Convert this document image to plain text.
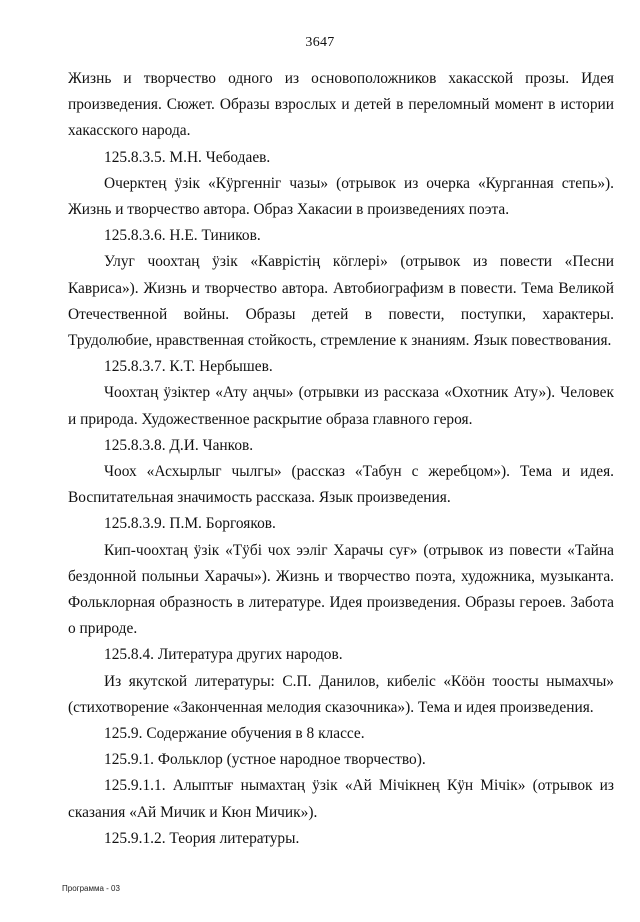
3647

Жизнь и творчество одного из основоположников хакасской прозы. Идея произведения. Сюжет. Образы взрослых и детей в переломный момент в истории хакасского народа.

125.8.3.5. М.Н. Чебодаев.

Очерктең ӱзік «Кӱргеннiг чазы» (отрывок из очерка «Курганная степь»). Жизнь и творчество автора. Образ Хакасии в произведениях поэта.

125.8.3.6. Н.Е. Тиников.

Улуг чоохтаң ӱзiк «Каврiстiң кӧглерi» (отрывок из повести «Песни Кавриса»). Жизнь и творчество автора. Автобиографизм в повести. Тема Великой Отечественной войны. Образы детей в повести, поступки, характеры. Трудолюбие, нравственная стойкость, стремление к знаниям. Язык повествования.

125.8.3.7. К.Т. Нербышев.

Чоохтаң ӱзiктер «Ату аңчы» (отрывки из рассказа «Охотник Ату»). Человек и природа. Художественное раскрытие образа главного героя.

125.8.3.8. Д.И. Чанков.

Чоох «Асхырлыг чылгы» (рассказ «Табун с жеребцом»). Тема и идея. Воспитательная значимость рассказа. Язык произведения.

125.8.3.9. П.М. Боргояков.

Кип-чоохтаң ӱзiк «Тӱбi чох ээлiг Харачы суғ» (отрывок из повести «Тайна бездонной полыньи Харачы»). Жизнь и творчество поэта, художника, музыканта. Фольклорная образность в литературе. Идея произведения. Образы героев. Забота о природе.

125.8.4. Литература других народов.

Из якутской литературы: С.П. Данилов, кибелiс «Кӧӧн тоосты нымахчы» (стихотворение «Законченная мелодия сказочника»). Тема и идея произведения.

125.9. Содержание обучения в 8 классе.

125.9.1. Фольклор (устное народное творчество).

125.9.1.1. Алыптығ нымахтаң ӱзiк «Ай Мiчiкнең Кӱн Мiчiк» (отрывок из сказания «Ай Мичик и Кюн Мичик»).

125.9.1.2. Теория литературы.

Программа - 03
